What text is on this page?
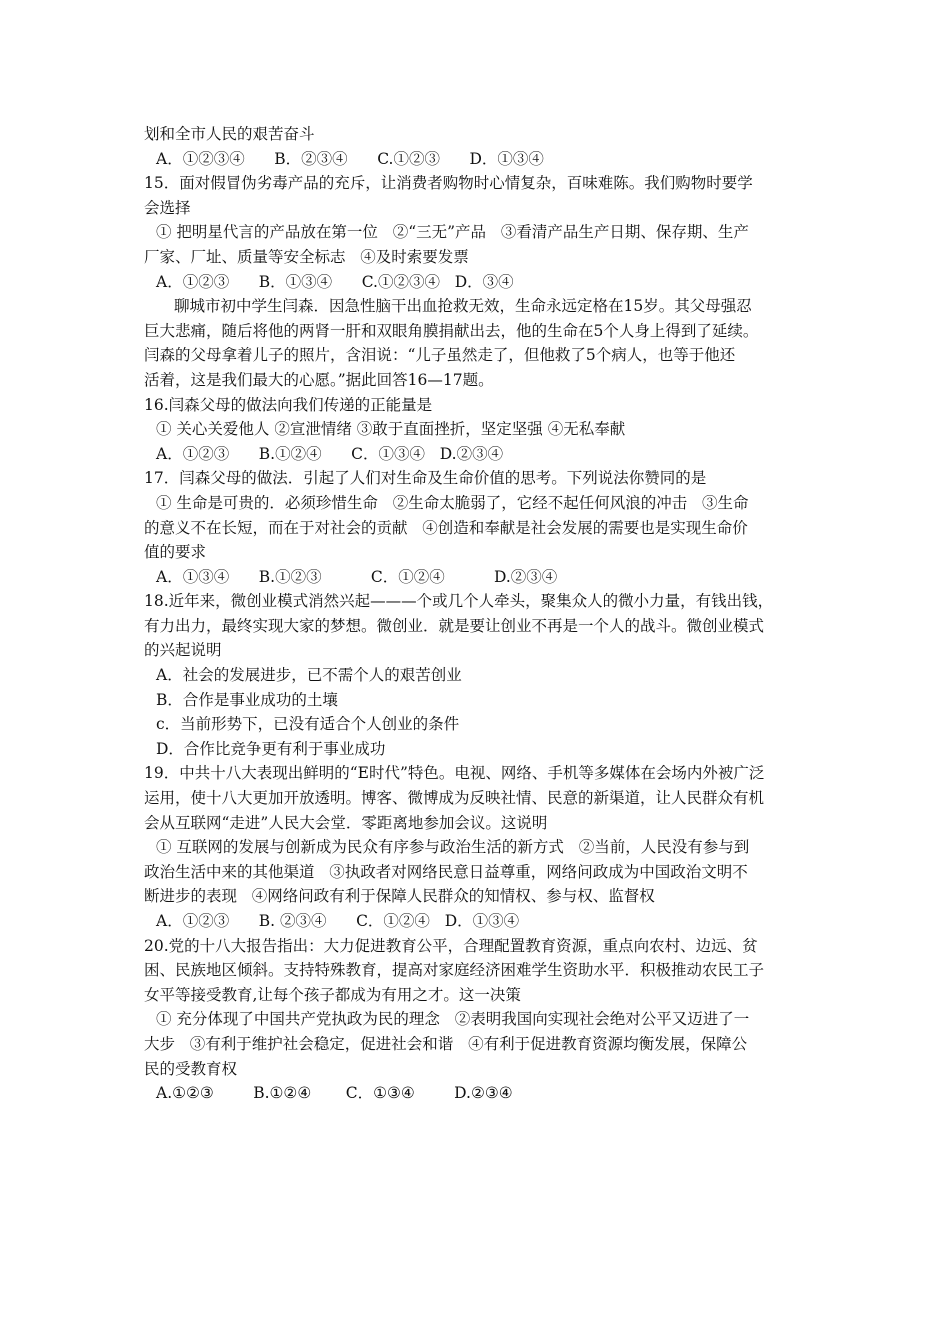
划和全市人民的艰苦奋斗
A．①②③④      B．②③④      C.①②③      D．①③④
15．面对假冒伪劣毒产品的充斥，让消费者购物时心情复杂，百味难陈。我们购物时要学
会选择
① 把明星代言的产品放在第一位   ②“三无”产品   ③看清产品生产日期、保存期、生产
厂家、厂址、质量等安全标志   ④及时索要发票
A．①②③      B．①③④      C.①②③④   D．③④
聊城市初中学生闫森．因急性脑干出血抢救无效，生命永远定格在15岁。其父母强忍
巨大悲痛，随后将他的两肾一肝和双眼角膜捐献出去，他的生命在5个人身上得到了延续。
闫森的父母拿着儿子的照片，含泪说：“儿子虽然走了，但他救了5个病人，也等于他还
活着，这是我们最大的心愿。”据此回答16—17题。
16.闫森父母的做法向我们传递的正能量是
① 关心关爱他人 ②宣泄情绪 ③敢于直面挫折，坚定坚强 ④无私奉献
A．①②③      B.①②④      C．①③④   D.②③④
17．闫森父母的做法．引起了人们对生命及生命价值的思考。下列说法你赞同的是
① 生命是可贵的．必须珍惜生命   ②生命太脆弱了，它经不起任何风浪的冲击   ③生命
的意义不在长短，而在于对社会的贡献   ④创造和奉献是社会发展的需要也是实现生命价
值的要求
A．①③④      B.①②③          C．①②④          D.②③④
18.近年来，微创业模式消然兴起———个或几个人牵头，聚集众人的微小力量，有钱出钱，
有力出力，最终实现大家的梦想。微创业．就是要让创业不再是一个人的战斗。微创业模式
的兴起说明
A．社会的发展进步，已不需个人的艰苦创业
B．合作是事业成功的土壤
c．当前形势下，已没有适合个人创业的条件
D．合作比竞争更有利于事业成功
19．中共十八大表现出鲜明的“E时代”特色。电视、网络、手机等多媒体在会场内外被广泛
运用，使十八大更加开放透明。博客、微博成为反映社情、民意的新渠道，让人民群众有机
会从互联网“走进”人民大会堂．零距离地参加会议。这说明
① 互联网的发展与创新成为民众有序参与政治生活的新方式   ②当前，人民没有参与到
政治生活中来的其他渠道   ③执政者对网络民意日益尊重，网络问政成为中国政治文明不
断进步的表现   ④网络问政有利于保障人民群众的知情权、参与权、监督权
A．①②③      B. ②③④      C．①②④   D．①③④
20.党的十八大报告指出：大力促进教育公平，合理配置教育资源，重点向农村、边远、贫
困、民族地区倾斜。支持特殊教育，提高对家庭经济困难学生资助水平．积极推动农民工子
女平等接受教育,让每个孩子都成为有用之才。这一决策
① 充分体现了中国共产党执政为民的理念   ②表明我国向实现社会绝对公平又迈进了一
大步   ③有利于维护社会稳定，促进社会和谐   ④有利于促进教育资源均衡发展，保障公
民的受教育权
A.①②③        B.①②④       C．①③④        D.②③④
